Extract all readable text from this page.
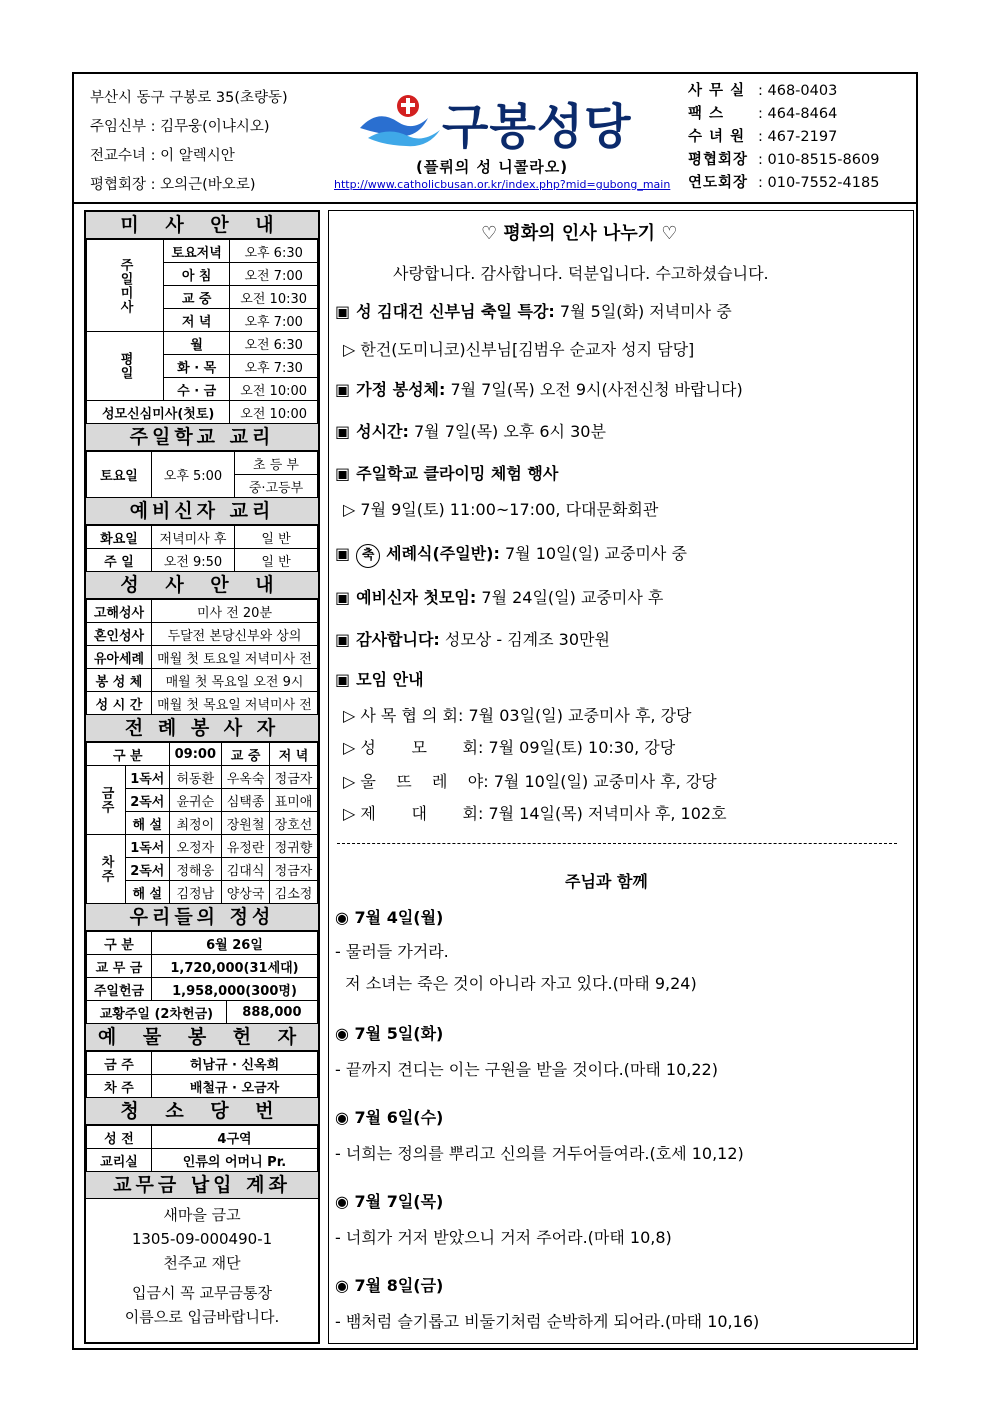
부산시 동구 구봉로 35(초량동)
주임신부 : 김무웅(이냐시오)
전교수녀 : 이 알렉시안
평협회장 : 오의근(바오로)
구봉성당
(플뤼의 성 니콜라오)
http://www.catholicbusan.or.kr/index.php?mid=gubong_main
사 무 실 : 468-0403
팩 스 : 464-8464
수 녀 원 : 467-2197
평협회장 : 010-8515-8609
연도회장 : 010-7552-4185
미 사 안 내
주일미사	토요저녁	오후 6:30
	아 침	오전 7:00
	교 중	오전 10:30
	저 녁	오후 7:00
평일	월	오전 6:30
	화 · 목	오후 7:30
	수 · 금	오전 10:00
성모신심미사(첫토)		오전 10:00
주일학교 교리
토요일	오후 5:00	초 등 부
중·고등부
예비신자 교리
화요일	저녁미사 후	일 반
주 일	오전 9:50	일 반
성 사 안 내
고해성사	미사 전 20분
혼인성사	두달전 본당신부와 상의
유아세례	매월 첫 토요일 저녁미사 전
봉 성 체	매월 첫 목요일 오전 9시
성 시 간	매월 첫 목요일 저녁미사 전
전 례 봉 사 자
구 분		09:00	교 중	저 녁
금주	1독서	허동환	우옥숙	정금자
	2독서	윤귀순	심택종	표미애
	해 설	최정이	장원철	장호선
차주	1독서	오정자	유정란	정귀향
	2독서	정해웅	김대식	정금자
	해 설	김정남	양상국	김소정
우리들의 정성
구 분	6월 26일	
교 무 금	1,720,000(31세대)	
주일헌금	1,958,000(300명)	
교황주일 (2차헌금)		888,000
예 물 봉 헌 자
금 주	허남규 · 신옥희
차 주	배철규 · 오금자
청 소 당 번
성 전	4구역
교리실	인류의 어머니 Pr.
교무금 납입 계좌
새마을 금고
1305-09-000490-1
천주교 재단
입금시 꼭 교무금통장
이름으로 입금바랍니다.
♡ 평화의 인사 나누기 ♡
사랑합니다. 감사합니다. 덕분입니다. 수고하셨습니다.
▣ 성 김대건 신부님 축일 특강: 7월 5일(화) 저녁미사 중
▷ 한건(도미니코)신부님[김범우 순교자 성지 담당]
▣ 가정 봉성체: 7월 7일(목) 오전 9시(사전신청 바랍니다)
▣ 성시간: 7월 7일(목) 오후 6시 30분
▣ 주일학교 클라이밍 체험 행사
▷ 7월 9일(토) 11:00~17:00, 다대문화회관
▣ 축 세례식(주일반): 7월 10일(일) 교중미사 중
▣ 예비신자 첫모임: 7월 24일(일) 교중미사 후
▣ 감사합니다: 성모상 - 김계조 30만원
▣ 모임 안내
▷ 사 목 협 의 회: 7월 03일(일) 교중미사 후, 강당
▷ 성       모       회: 7월 09일(토) 10:30, 강당
▷ 울    뜨    레    야: 7월 10일(일) 교중미사 후, 강당
▷ 제       대       회: 7월 14일(목) 저녁미사 후, 102호
주님과 함께
◉ 7월 4일(월)
- 물러들 가거라.
저 소녀는 죽은 것이 아니라 자고 있다.(마태 9,24)
◉ 7월 5일(화)
- 끝까지 견디는 이는 구원을 받을 것이다.(마태 10,22)
◉ 7월 6일(수)
- 너희는 정의를 뿌리고 신의를 거두어들여라.(호세 10,12)
◉ 7월 7일(목)
- 너희가 거저 받았으니 거저 주어라.(마태 10,8)
◉ 7월 8일(금)
- 뱀처럼 슬기롭고 비둘기처럼 순박하게 되어라.(마태 10,16)
